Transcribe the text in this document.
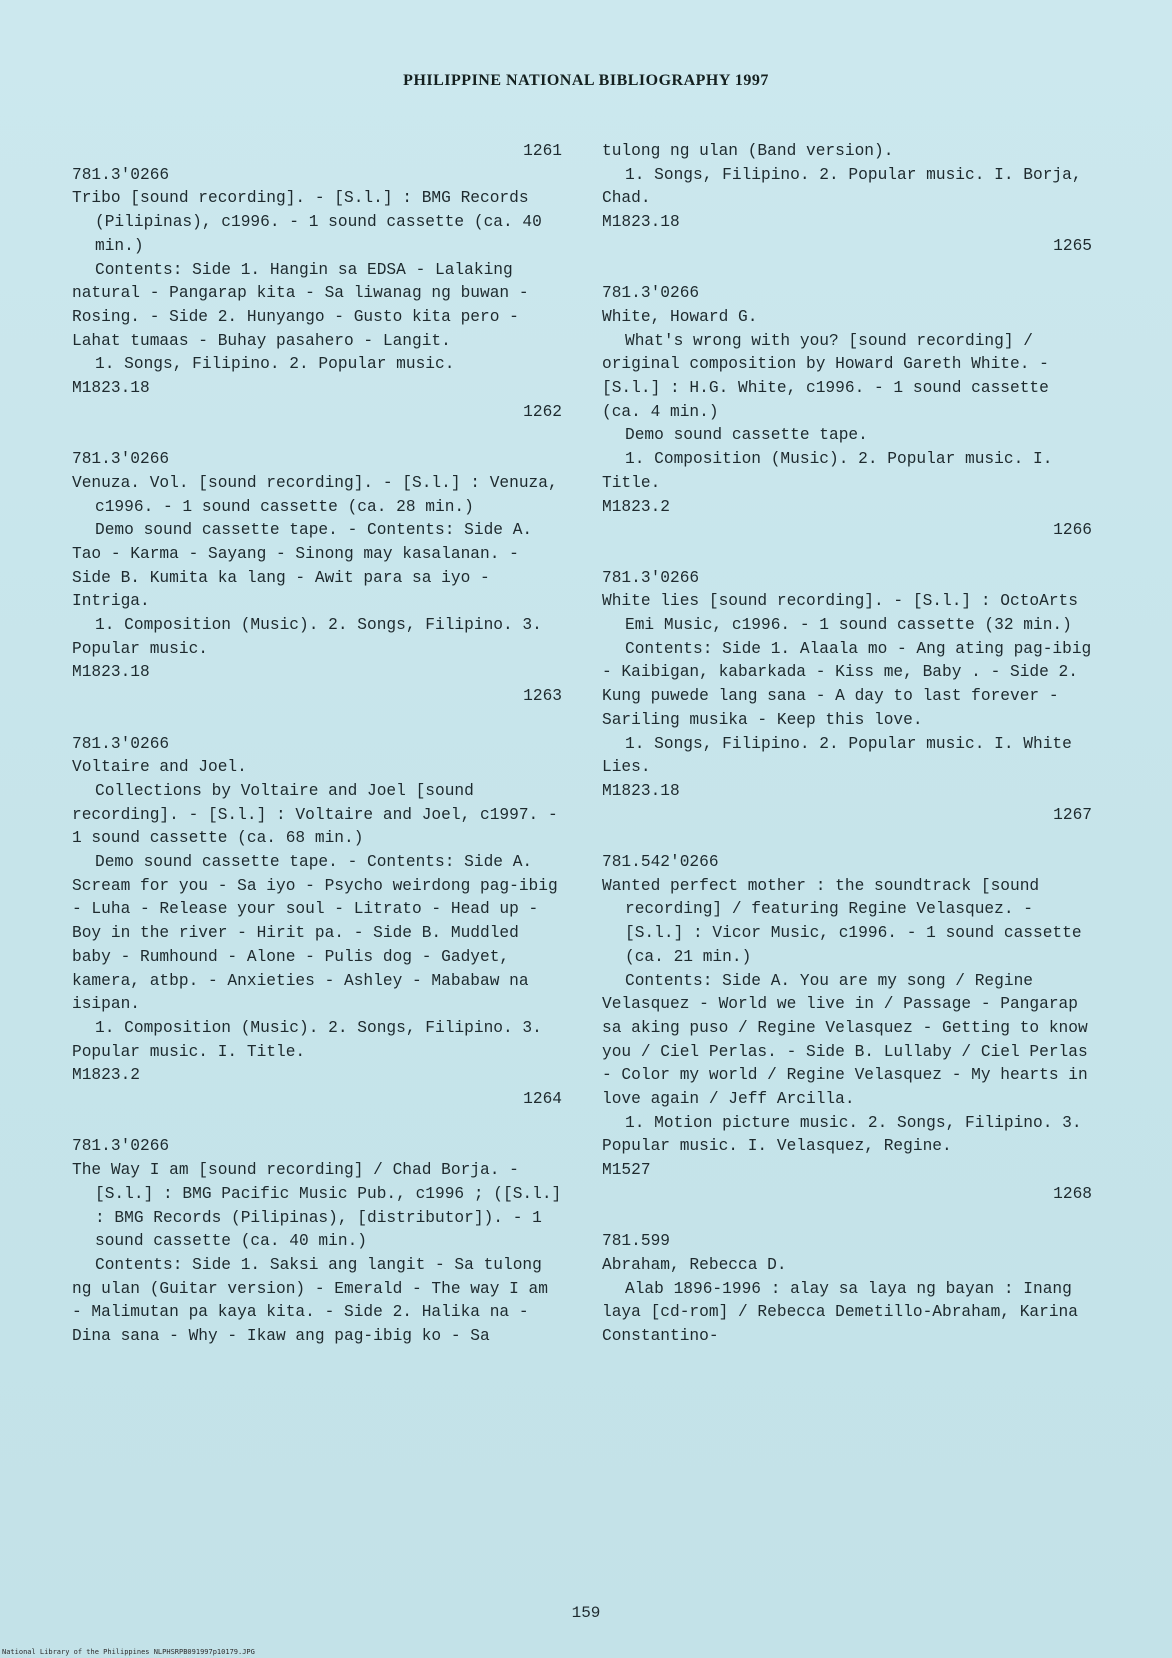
PHILIPPINE NATIONAL BIBLIOGRAPHY 1997
1261
781.3'0266
Tribo [sound recording]. - [S.l.] : BMG Records (Pilipinas), c1996. - 1 sound cassette (ca. 40 min.)
Contents: Side 1. Hangin sa EDSA - Lalaking natural - Pangarap kita - Sa liwanag ng buwan - Rosing. - Side 2. Hunyango - Gusto kita pero - Lahat tumaas - Buhay pasahero - Langit.
1. Songs, Filipino. 2. Popular music.
M1823.18
1262
781.3'0266
Venuza. Vol. [sound recording]. - [S.l.] : Venuza, c1996. - 1 sound cassette (ca. 28 min.)
Demo sound cassette tape. - Contents: Side A. Tao - Karma - Sayang - Sinong may kasalanan. - Side B. Kumita ka lang - Awit para sa iyo - Intriga.
1. Composition (Music). 2. Songs, Filipino. 3. Popular music.
M1823.18
1263
781.3'0266
Voltaire and Joel.
Collections by Voltaire and Joel [sound recording]. - [S.l.] : Voltaire and Joel, c1997. - 1 sound cassette (ca. 68 min.)
Demo sound cassette tape. - Contents: Side A. Scream for you - Sa iyo - Psycho weirdong pag-ibig - Luha - Release your soul - Litrato - Head up - Boy in the river - Hirit pa. - Side B. Muddled baby - Rumhound - Alone - Pulis dog - Gadyet, kamera, atbp. - Anxieties - Ashley - Mababaw na isipan.
1. Composition (Music). 2. Songs, Filipino. 3. Popular music. I. Title.
M1823.2
1264
781.3'0266
The Way I am [sound recording] / Chad Borja. - [S.l.] : BMG Pacific Music Pub., c1996 ; ([S.l.] : BMG Records (Pilipinas), [distributor]). - 1 sound cassette (ca. 40 min.)
Contents: Side 1. Saksi ang langit - Sa tulong ng ulan (Guitar version) - Emerald - The way I am - Malimutan pa kaya kita. - Side 2. Halika na - Dina sana - Why - Ikaw ang pag-ibig ko - Sa
tulong ng ulan (Band version).
1. Songs, Filipino. 2. Popular music. I. Borja, Chad.
M1823.18
1265
781.3'0266
White, Howard G.
What's wrong with you? [sound recording] / original composition by Howard Gareth White. - [S.l.] : H.G. White, c1996. - 1 sound cassette (ca. 4 min.)
Demo sound cassette tape.
1. Composition (Music). 2. Popular music. I. Title.
M1823.2
1266
781.3'0266
White lies [sound recording]. - [S.l.] : OctoArts Emi Music, c1996. - 1 sound cassette (32 min.)
Contents: Side 1. Alaala mo - Ang ating pag-ibig - Kaibigan, kabarkada - Kiss me, Baby . - Side 2. Kung puwede lang sana - A day to last forever - Sariling musika - Keep this love.
1. Songs, Filipino. 2. Popular music. I. White Lies.
M1823.18
1267
781.542'0266
Wanted perfect mother : the soundtrack [sound recording] / featuring Regine Velasquez. - [S.l.] : Vicor Music, c1996. - 1 sound cassette (ca. 21 min.)
Contents: Side A. You are my song / Regine Velasquez - World we live in / Passage - Pangarap sa aking puso / Regine Velasquez - Getting to know you / Ciel Perlas. - Side B. Lullaby / Ciel Perlas - Color my world / Regine Velasquez - My hearts in love again / Jeff Arcilla.
1. Motion picture music. 2. Songs, Filipino. 3. Popular music. I. Velasquez, Regine.
M1527
1268
781.599
Abraham, Rebecca D.
Alab 1896-1996 : alay sa laya ng bayan : Inang laya [cd-rom] / Rebecca Demetillo-Abraham, Karina Constantino-
159
National Library of the Philippines NLPHSRPB091997p10179.JPG
